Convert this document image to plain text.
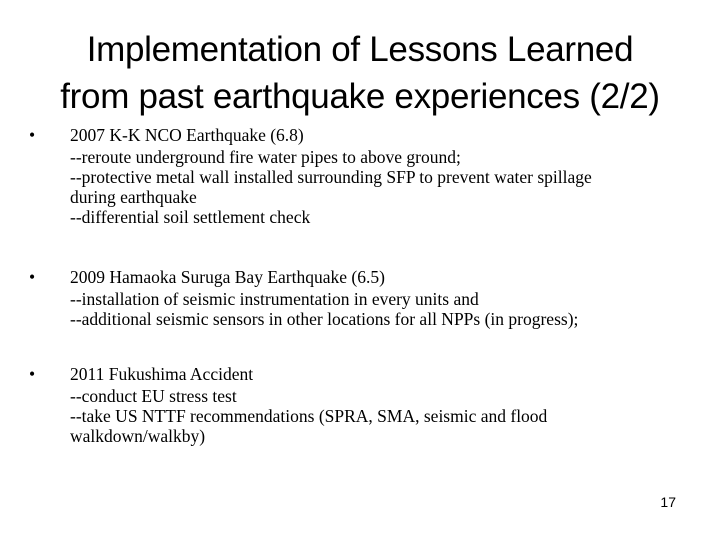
Implementation of Lessons Learned
from past earthquake experiences (2/2)
• 2007 K-K NCO Earthquake (6.8)
--reroute underground fire water pipes to above ground;
--protective metal wall installed surrounding SFP to prevent water spillage
during earthquake
--differential soil settlement check
• 2009 Hamaoka Suruga Bay Earthquake (6.5)
--installation of seismic instrumentation in every units and
--additional seismic sensors in other locations for all NPPs (in progress);
• 2011 Fukushima Accident
--conduct EU stress test
--take US NTTF recommendations (SPRA, SMA, seismic and flood
walkdown/walkby)
17
